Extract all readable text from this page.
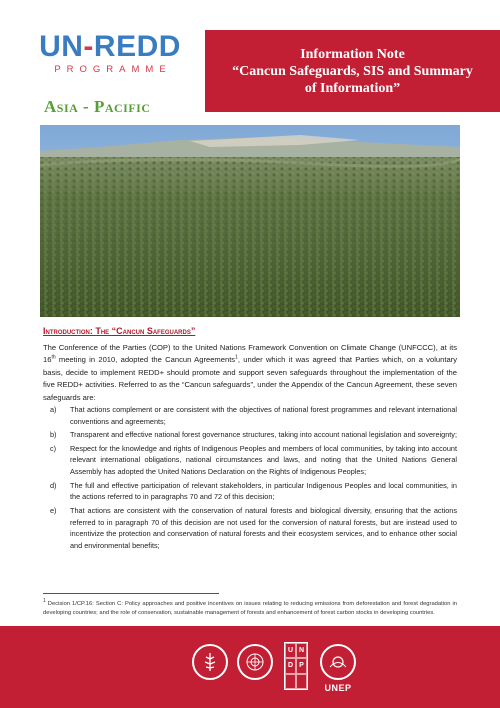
UN-REDD
PROGRAMME
Asia - Pacific
Information Note
“Cancun Safeguards, SIS and Summary
of Information”
Introduction: The “Cancun Safeguards”
The Conference of the Parties (COP) to the United Nations Framework Convention on Climate Change (UNFCCC), at its 16th meeting in 2010, adopted the Cancun Agreements$^1$, under which it was agreed that Parties which, on a voluntary basis, decide to implement REDD+ should promote and support seven safeguards throughout the implementation of the five REDD+ activities. Referred to as the “Cancun safeguards”, under the Appendix of the Cancun Agreement, these seven safeguards are:
a)	That actions complement or are consistent with the objectives of national forest programmes and relevant international conventions and agreements;
b)	Transparent and effective national forest governance structures, taking into account national legislation and sovereignty;
c)	Respect for the knowledge and rights of Indigenous Peoples and members of local communities, by taking into account relevant international obligations, national circumstances and laws, and noting that the United Nations General Assembly has adopted the United Nations Declaration on the Rights of Indigenous Peoples;
d)	The full and effective participation of relevant stakeholders, in particular Indigenous Peoples and local communities, in the actions referred to in paragraphs 70 and 72 of this decision;
e)	That actions are consistent with the conservation of natural forests and biological diversity, ensuring that the actions referred to in paragraph 70 of this decision are not used for the conversion of natural forests, but are instead used to incentivize the protection and conservation of natural forests and their ecosystem services, and to enhance other social and environmental benefits;
$^1$ Decision 1/CP.16: Section C: Policy approaches and positive incentives on issues relating to reducing emissions from deforestation and forest degradation in developing countries; and the role of conservation, sustainable management of forests and enhancement of forest carbon stocks in developing countries.
U N
D P
UNEP
